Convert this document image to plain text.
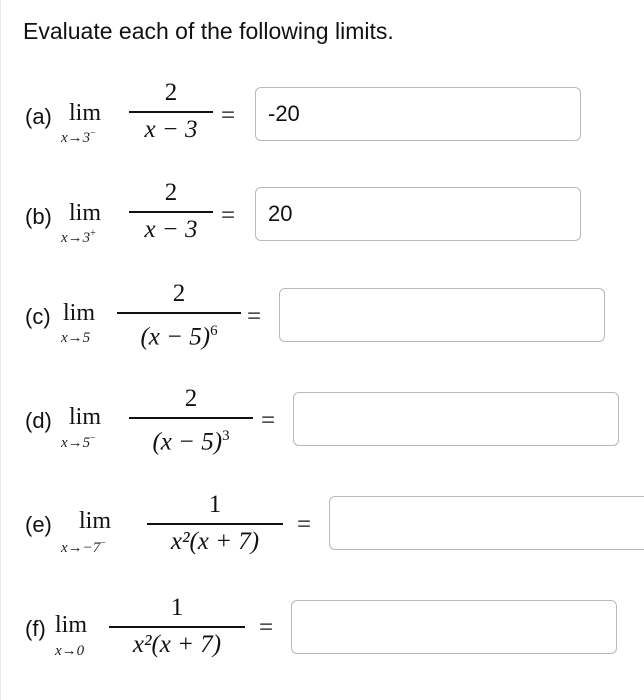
Evaluate each of the following limits.
(a) lim
x→3−
2
x − 3 =
-20
(b) lim
x→3+
2
x − 3 =
20
(c) lim
x→5
2
$(x - 5)^6$
=
(d) lim
x→5−
2
$(x - 5)^3$
=
(e) lim
x→−7−
1
x²(x + 7)
=
(f) lim
x→0
1
x²(x + 7)
=
